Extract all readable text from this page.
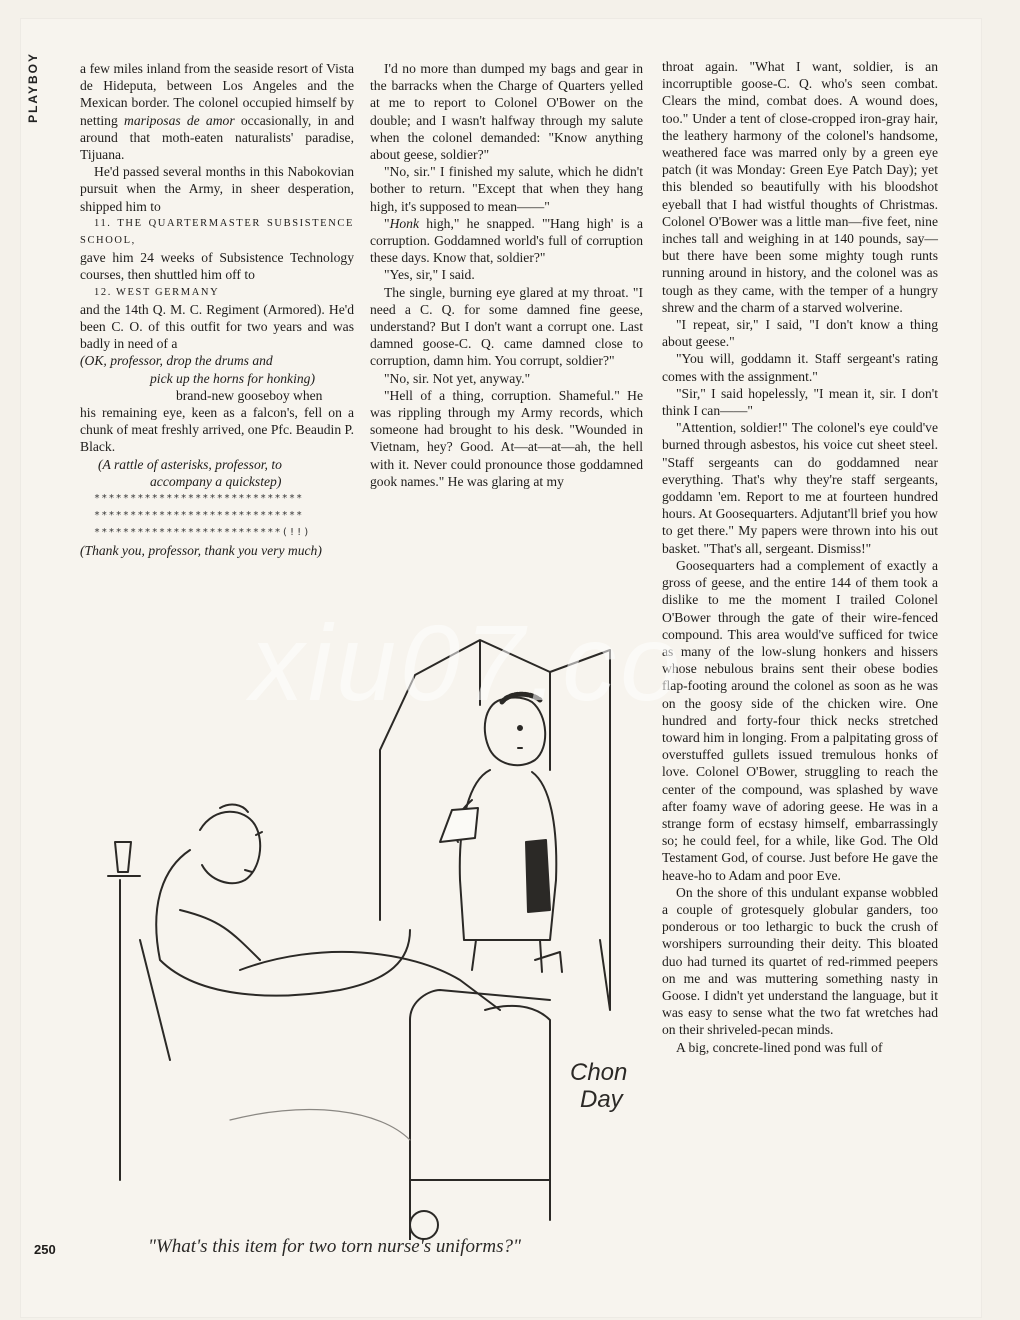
PLAYBOY	a few miles inland from the seaside resort of Vista de Hideputa, between Los Angeles and the Mexican border. The colonel occupied himself by netting mariposas de amor occasionally, in and around that moth-eaten naturalists' paradise, Tijuana.

He'd passed several months in this Nabokovian pursuit when the Army, in sheer desperation, shipped him to

11. THE QUARTERMASTER SUBSISTENCE SCHOOL,

gave him 24 weeks of Subsistence Technology courses, then shuttled him off to

12. WEST GERMANY

and the 14th Q. M. C. Regiment (Armored). He'd been C. O. of this outfit for two years and was badly in need of a

(OK, professor, drop the drums and

pick up the horns for honking)

brand-new gooseboy when

his remaining eye, keen as a falcon's, fell on a chunk of meat freshly arrived, one Pfc. Beaudin P. Black.

(A rattle of asterisks, professor, to

accompany a quickstep)

*****************************

*****************************

**************************(!!)

(Thank you, professor, thank you very much)

I'd no more than dumped my bags and gear in the barracks when the Charge of Quarters yelled at me to report to Colonel O'Bower on the double; and I wasn't halfway through my salute when the colonel demanded: "Know anything about geese, soldier?"

"No, sir." I finished my salute, which he didn't bother to return. "Except that when they hang high, it's supposed to mean——"

"Honk high," he snapped. "'Hang high' is a corruption. Goddamned world's full of corruption these days. Know that, soldier?"

"Yes, sir," I said.

The single, burning eye glared at my throat. "I need a C. Q. for some damned fine geese, understand? But I don't want a corrupt one. Last damned goose-C. Q. came damned close to corruption, damn him. You corrupt, soldier?"

"No, sir. Not yet, anyway."

"Hell of a thing, corruption. Shameful." He was rippling through my Army records, which someone had brought to his desk. "Wounded in Vietnam, hey? Good. At—at—at—ah, the hell with it. Never could pronounce those goddamned gook names." He was glaring at my

throat again. "What I want, soldier, is an incorruptible goose-C. Q. who's seen combat. Clears the mind, combat does. A wound does, too." Under a tent of close-cropped iron-gray hair, the leathery harmony of the colonel's handsome, weathered face was marred only by a green eye patch (it was Monday: Green Eye Patch Day); yet this blended so beautifully with his bloodshot eyeball that I had wistful thoughts of Christmas. Colonel O'Bower was a little man—five feet, nine inches tall and weighing in at 140 pounds, say—but there have been some mighty tough runts running around in history, and the colonel was as tough as they came, with the temper of a hungry shrew and the charm of a starved wolverine.

"I repeat, sir," I said, "I don't know a thing about geese."

"You will, goddamn it. Staff sergeant's rating comes with the assignment."

"Sir," I said hopelessly, "I mean it, sir. I don't think I can——"

"Attention, soldier!" The colonel's eye could've burned through asbestos, his voice cut sheet steel. "Staff sergeants can do goddamned near everything. That's why they're staff sergeants, goddamn 'em. Report to me at fourteen hundred hours. At Goosequarters. Adjutant'll brief you how to get there." My papers were thrown into his out basket. "That's all, sergeant. Dismiss!"

Goosequarters had a complement of exactly a gross of geese, and the entire 144 of them took a dislike to me the moment I trailed Colonel O'Bower through the gate of their wire-fenced compound. This area would've sufficed for twice as many of the low-slung honkers and hissers whose nebulous brains sent their obese bodies flap-footing around the colonel as soon as he was on the goosy side of the chicken wire. One hundred and forty-four thick necks stretched toward him in longing. From a palpitating gross of overstuffed gullets issued tremulous honks of love. Colonel O'Bower, struggling to reach the center of the compound, was splashed by wave after foamy wave of adoring geese. He was in a strange form of ecstasy himself, embarrassingly so; he could feel, for a while, like God. The Old Testament God, of course. Just before He gave the heave-ho to Adam and poor Eve.

On the shore of this undulant expanse wobbled a couple of grotesquely globular ganders, too ponderous or too lethargic to buck the crush of worshipers surrounding their deity. This bloated duo had turned its quartet of red-rimmed peepers on me and was muttering something nasty in Goose. I didn't yet understand the language, but it was easy to sense what the two fat wretches had on their shriveled-pecan minds.

A big, concrete-lined pond was full of

Chon
Day
xiu07.co
"What's this item for two torn nurse's uniforms?"
250
